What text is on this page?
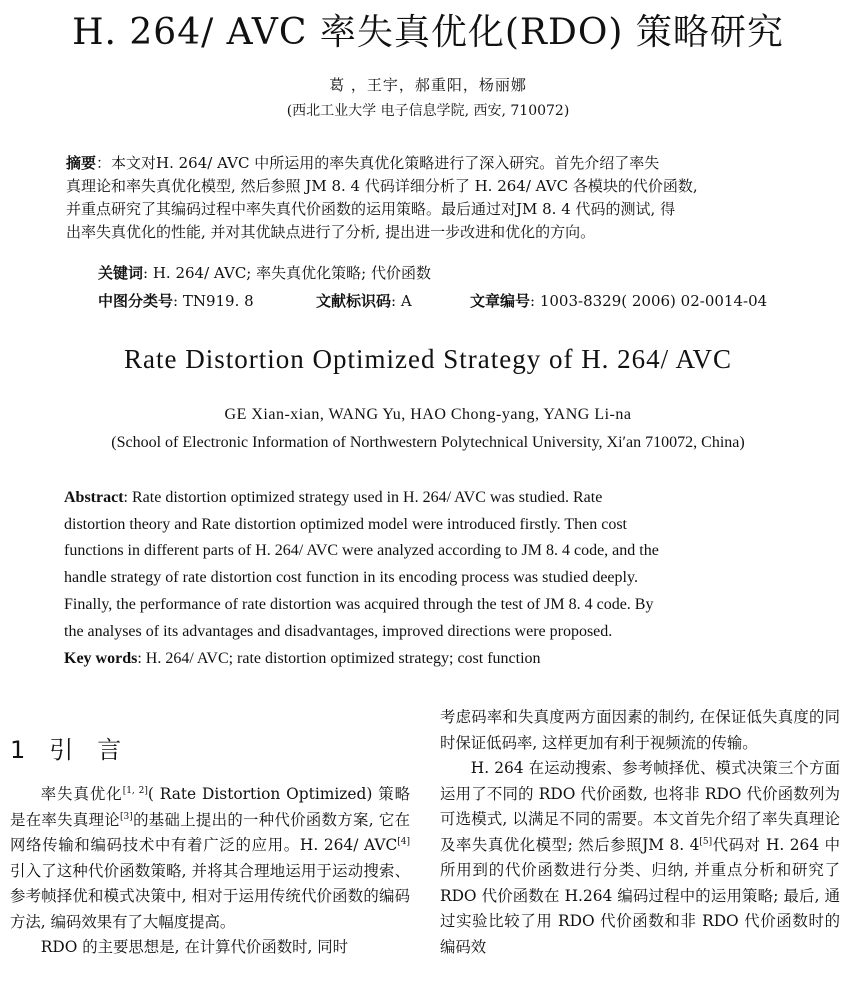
H. 264/ AVC 率失真优化(RDO) 策略研究
葛 ，王宇，郝重阳，杨丽娜
(西北工业大学 电子信息学院, 西安, 710072)
摘要：本文对H. 264/ AVC 中所运用的率失真优化策略进行了深入研究。首先介绍了率失
真理论和率失真优化模型, 然后参照 JM 8. 4 代码详细分析了 H. 264/ AVC 各模块的代价函数,
并重点研究了其编码过程中率失真代价函数的运用策略。最后通过对JM 8. 4 代码的测试, 得
出率失真优化的性能, 并对其优缺点进行了分析, 提出进一步改进和优化的方向。
关键词: H. 264/ AVC; 率失真优化策略; 代价函数
中图分类号: TN919. 8	文献标识码: A	文章编号: 1003-8329( 2006) 02-0014-04
Rate Distortion Optimized Strategy of H. 264/ AVC
GE Xian-xian, WANG Yu, HAO Chong-yang, YANG Li-na
(School of Electronic Information of Northwestern Polytechnical University, Xi′an 710072, China)
Abstract: Rate distortion optimized strategy used in H. 264/ AVC was studied. Rate
distortion theory and Rate distortion optimized model were introduced firstly. Then cost
functions in different parts of H. 264/ AVC were analyzed according to JM 8. 4 code, and the
handle strategy of rate distortion cost function in its encoding process was studied deeply.
Finally, the performance of rate distortion was acquired through the test of JM 8. 4 code. By
the analyses of its advantages and disadvantages, improved directions were proposed.
Key words: H. 264/ AVC; rate distortion optimized strategy; cost function
1 引　言

率失真优化[1, 2]( Rate Distortion Optimized) 策略是在率失真理论[3]的基础上提出的一种代价函数方案, 它在网络传输和编码技术中有着广泛的应用。H. 264/ AVC[4]引入了这种代价函数策略, 并将其合理地运用于运动搜索、参考帧择优和模式决策中, 相对于运用传统代价函数的编码方法, 编码效果有了大幅度提高。

RDO 的主要思想是, 在计算代价函数时, 同时

考虑码率和失真度两方面因素的制约, 在保证低失真度的同时保证低码率, 这样更加有利于视频流的传输。

H. 264 在运动搜索、参考帧择优、模式决策三个方面运用了不同的 RDO 代价函数, 也将非 RDO 代价函数列为可选模式, 以满足不同的需要。本文首先介绍了率失真理论及率失真优化模型; 然后参照JM 8. 4[5]代码对 H. 264 中所用到的代价函数进行分类、归纳, 并重点分析和研究了 RDO 代价函数在 H.264 编码过程中的运用策略; 最后, 通过实验比较了用 RDO 代价函数和非 RDO 代价函数时的编码效
